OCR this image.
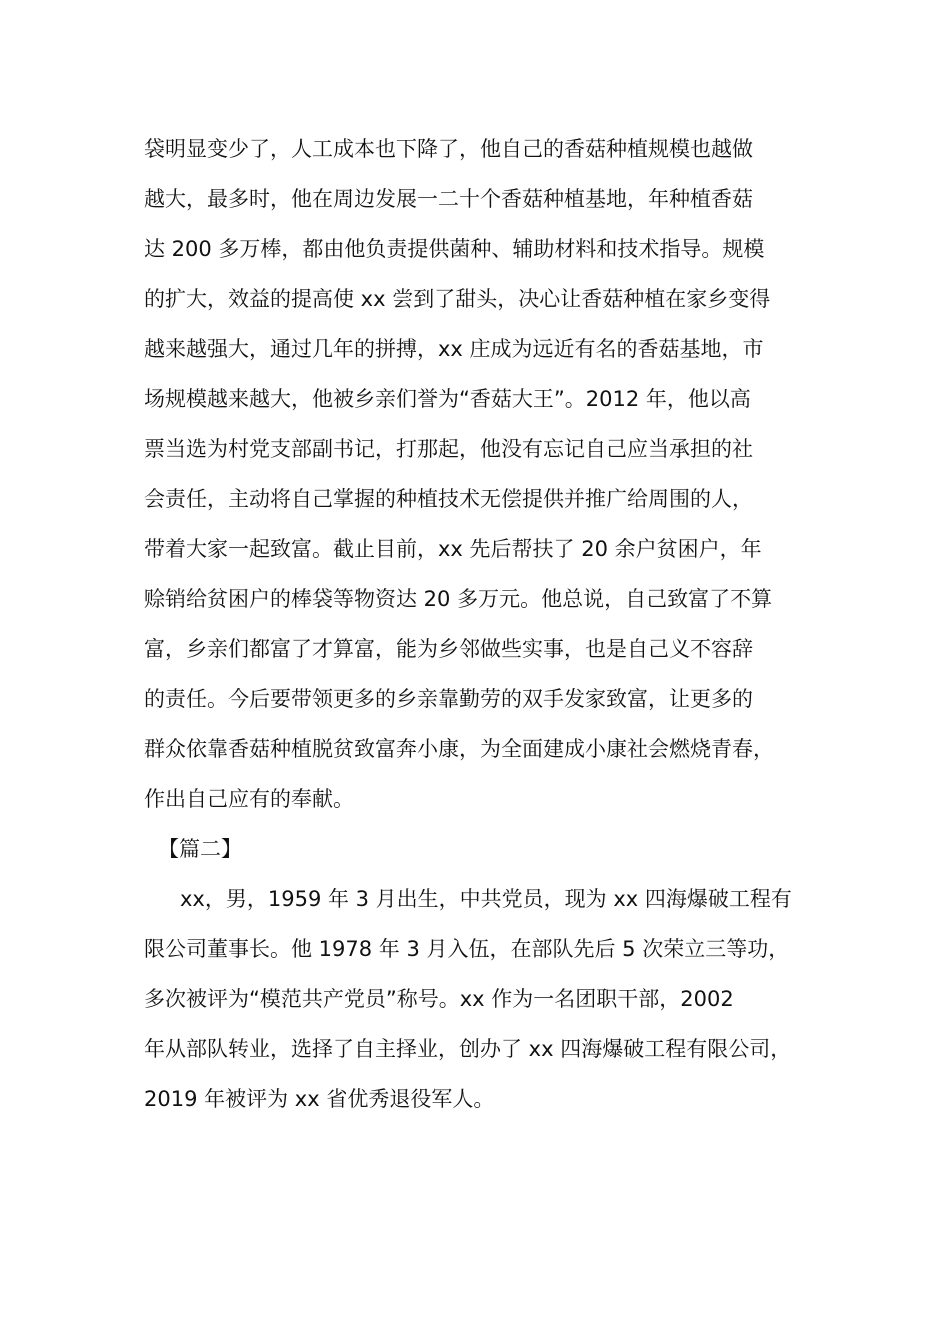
袋明显变少了，人工成本也下降了，他自己的香菇种植规模也越做
越大，最多时，他在周边发展一二十个香菇种植基地，年种植香菇
达 200 多万棒，都由他负责提供菌种、辅助材料和技术指导。规模
的扩大，效益的提高使 xx 尝到了甜头，决心让香菇种植在家乡变得
越来越强大，通过几年的拼搏，xx 庄成为远近有名的香菇基地，市
场规模越来越大，他被乡亲们誉为“香菇大王”。2012 年，他以高
票当选为村党支部副书记，打那起，他没有忘记自己应当承担的社
会责任，主动将自己掌握的种植技术无偿提供并推广给周围的人，
带着大家一起致富。截止目前，xx 先后帮扶了 20 余户贫困户，年
赊销给贫困户的棒袋等物资达 20 多万元。他总说，自己致富了不算
富，乡亲们都富了才算富，能为乡邻做些实事，也是自己义不容辞
的责任。今后要带领更多的乡亲靠勤劳的双手发家致富，让更多的
群众依靠香菇种植脱贫致富奔小康，为全面建成小康社会燃烧青春，
作出自己应有的奉献。
【篇二】
xx，男，1959 年 3 月出生，中共党员，现为 xx 四海爆破工程有
限公司董事长。他 1978 年 3 月入伍，在部队先后 5 次荣立三等功，
多次被评为“模范共产党员”称号。xx 作为一名团职干部，2002
年从部队转业，选择了自主择业，创办了 xx 四海爆破工程有限公司，
2019 年被评为 xx 省优秀退役军人。
